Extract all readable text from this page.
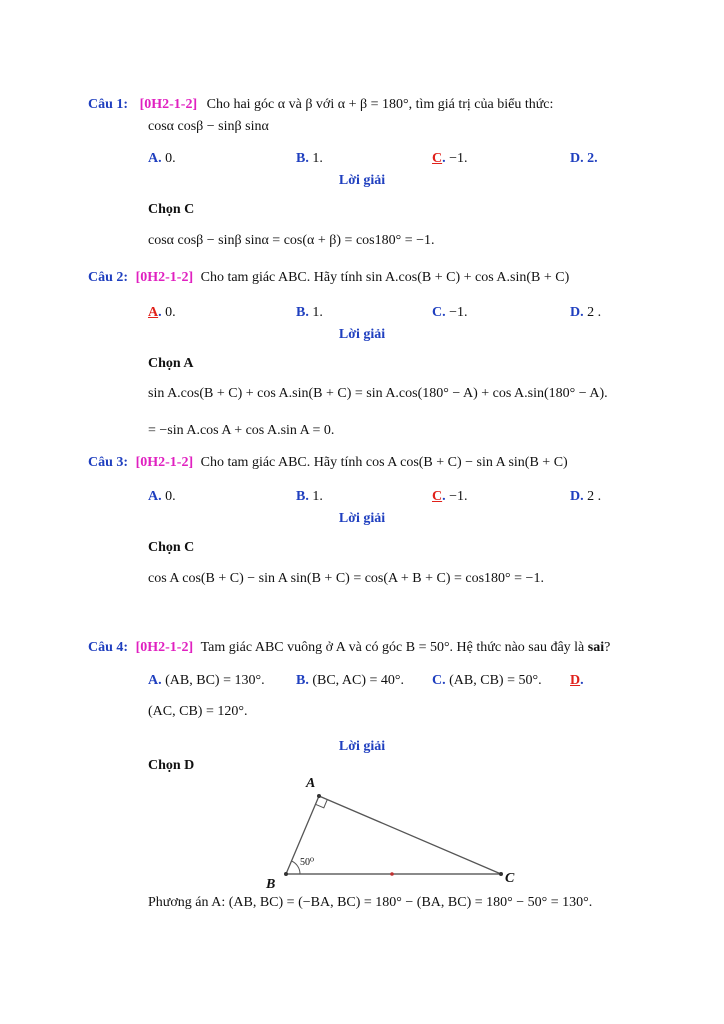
Câu 1: [0H2-1-2] Cho hai góc α và β với α + β = 180°, tìm giá trị của biểu thức:
cosα cosβ − sinβ sinα
A. 0.	B. 1.	C. −1.	D. 2.
Lời giải
Chọn C
cosα cosβ − sinβ sinα = cos(α + β) = cos180° = −1.
Câu 2: [0H2-1-2] Cho tam giác ABC. Hãy tính sin A.cos(B + C) + cos A.sin(B + C)
A. 0.	B. 1.	C. −1.	D. 2 .
Lời giải
Chọn A
sin A.cos(B + C) + cos A.sin(B + C) = sin A.cos(180° − A) + cos A.sin(180° − A).
= −sin A.cos A + cos A.sin A = 0.
Câu 3: [0H2-1-2] Cho tam giác ABC. Hãy tính cos A cos(B + C) − sin A sin(B + C)
A. 0.	B. 1.	C. −1.	D. 2 .
Lời giải
Chọn C
cos A cos(B + C) − sin A sin(B + C) = cos(A + B + C) = cos180° = −1.
Câu 4: [0H2-1-2] Tam giác ABC vuông ở A và có góc B = 50°. Hệ thức nào sau đây là sai?
A. (AB, BC) = 130°. B. (BC, AC) = 40°. C. (AB, CB) = 50°. D.
(AC, CB) = 120°.
Lời giải
Chọn D
A
B	C
50⁰
Phương án A: (AB, BC) = (−BA, BC) = 180° − (BA, BC) = 180° − 50° = 130°.
